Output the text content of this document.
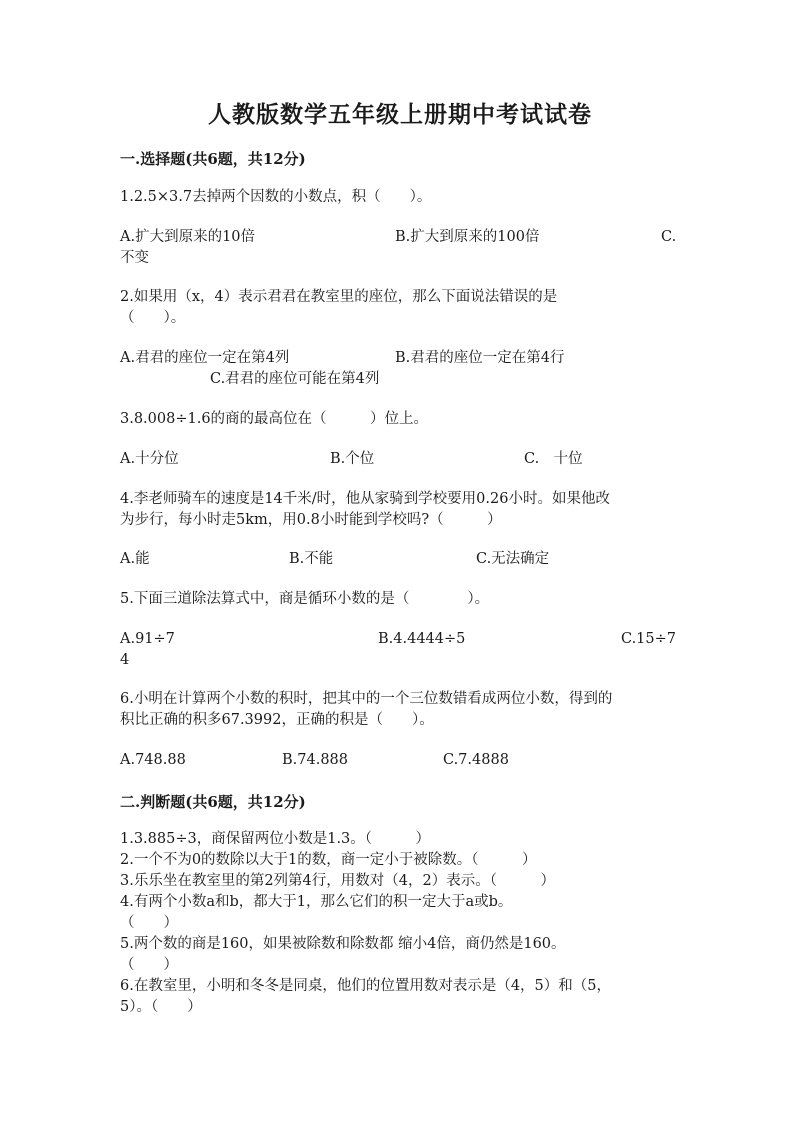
人教版数学五年级上册期中考试试卷
一.选择题(共6题，共12分)
1.2.5×3.7去掉两个因数的小数点，积（　　）。
A.扩大到原来的10倍	B.扩大到原来的100倍	C.
不变
2.如果用（x，4）表示君君在教室里的座位，那么下面说法错误的是
（　　）。
A.君君的座位一定在第4列	B.君君的座位一定在第4行
C.君君的座位可能在第4列
3.8.008÷1.6的商的最高位在（　　　）位上。
A.十分位	B.个位	C.　十位
4.李老师骑车的速度是14千米/时，他从家骑到学校要用0.26小时。如果他改
为步行，每小时走5km，用0.8小时能到学校吗?（　　　）
A.能	B.不能	C.无法确定
5.下面三道除法算式中，商是循环小数的是（　　　　）。
A.91÷7	B.4.4444÷5	C.15÷7
4
6.小明在计算两个小数的积时，把其中的一个三位数错看成两位小数，得到的
积比正确的积多67.3992，正确的积是（　　）。
A.748.88	B.74.888	C.7.4888
二.判断题(共6题，共12分)
1.3.885÷3，商保留两位小数是1.3。（　　　）
2.一个不为0的数除以大于1的数，商一定小于被除数。（　　　）
3.乐乐坐在教室里的第2列第4行，用数对（4，2）表示。（　　　）
4.有两个小数a和b，都大于1，那么它们的积一定大于a或b。
（　　）
5.两个数的商是160，如果被除数和除数都 缩小4倍，商仍然是160。
（　　）
6.在教室里，小明和冬冬是同桌，他们的位置用数对表示是（4，5）和（5，
5）。（　　）
